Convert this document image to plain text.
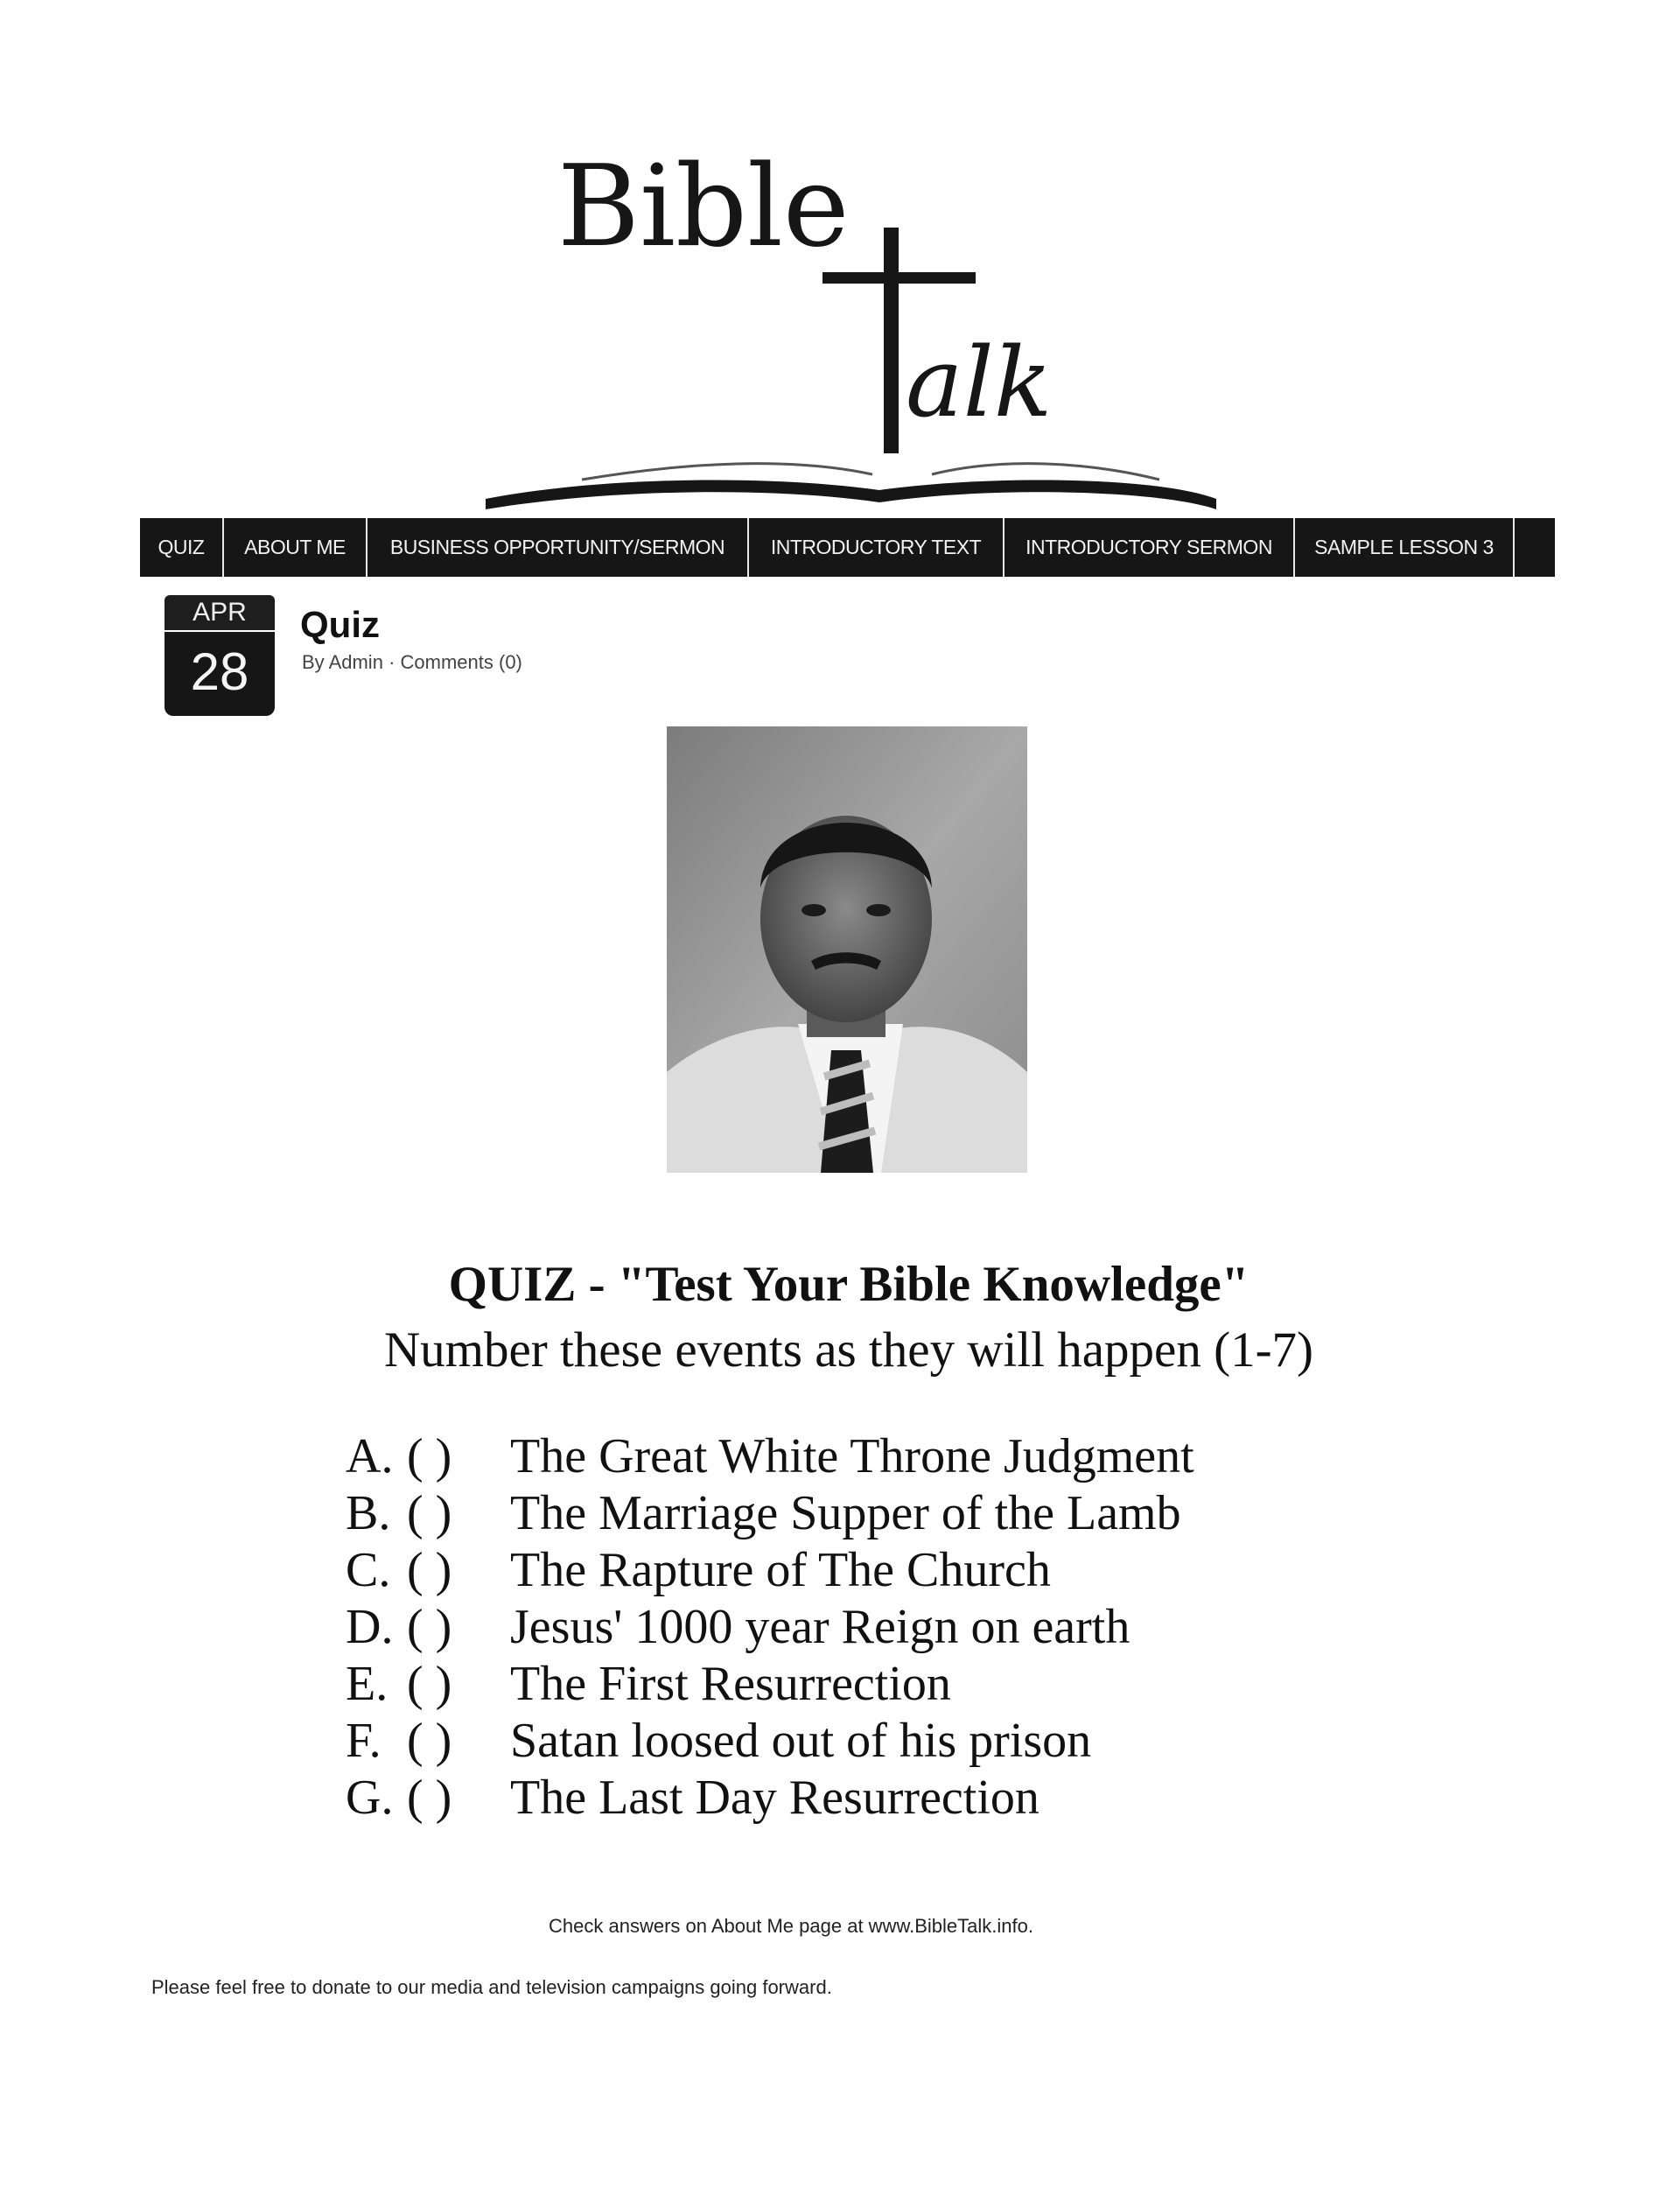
Bible
alk
QUIZ	ABOUT ME	BUSINESS OPPORTUNITY/SERMON	INTRODUCTORY TEXT	INTRODUCTORY SERMON	SAMPLE LESSON 3
APR
28
Quiz
By Admin · Comments (0)
QUIZ - "Test Your Bible Knowledge"
Number these events as they will happen (1-7)
A. ( )	The Great White Throne Judgment
B. ( )	The Marriage Supper of the Lamb
C. ( )	The Rapture of The Church
D. ( )	Jesus' 1000 year Reign on earth
E. ( )	The First Resurrection
F. ( )	Satan loosed out of his prison
G. ( )	The Last Day Resurrection
Check answers on About Me page at www.BibleTalk.info.
Please feel free to donate to our media and television campaigns going forward.
